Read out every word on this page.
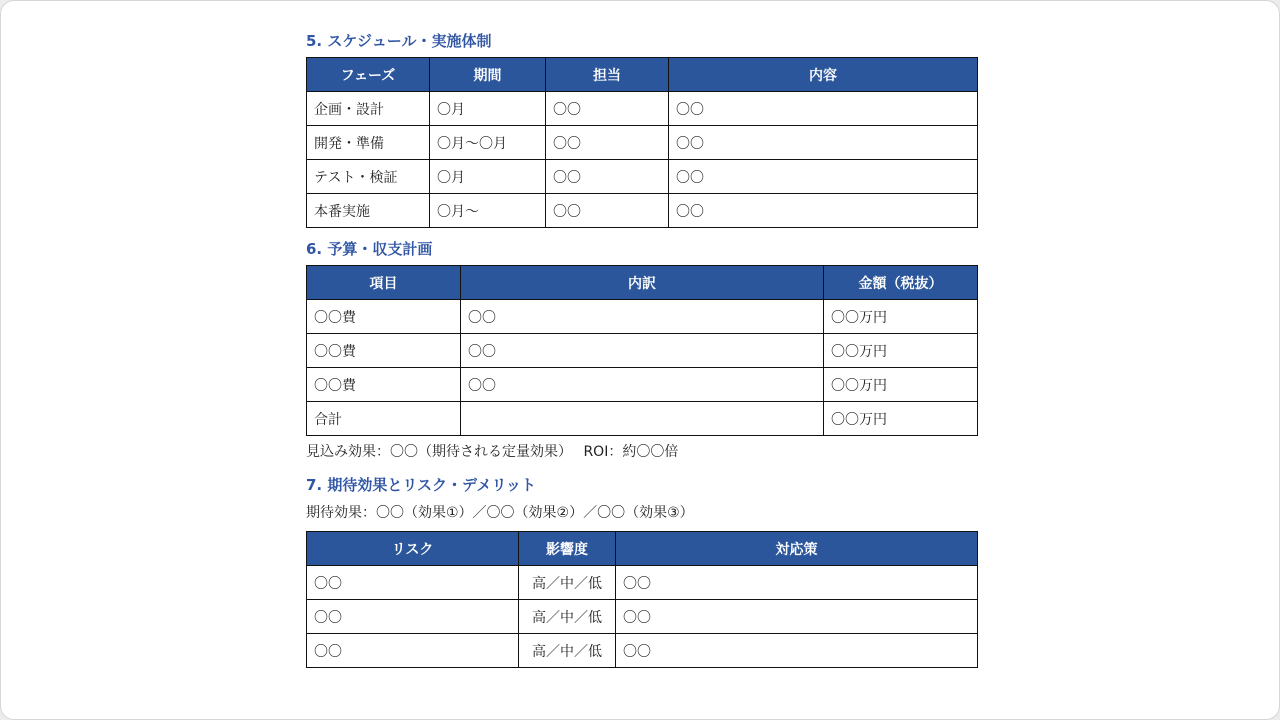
5. スケジュール・実施体制
フェーズ	期間	担当	内容
企画・設計	〇月	〇〇	〇〇
開発・準備	〇月〜〇月	〇〇	〇〇
テスト・検証	〇月	〇〇	〇〇
本番実施	〇月〜	〇〇	〇〇
6. 予算・収支計画
項目	内訳	金額（税抜）
〇〇費	〇〇	〇〇万円
〇〇費	〇〇	〇〇万円
〇〇費	〇〇	〇〇万円
合計		〇〇万円
見込み効果：〇〇（期待される定量効果）　 ROI：約〇〇倍
7. 期待効果とリスク・デメリット
期待効果：〇〇（効果①）／〇〇（効果②）／〇〇（効果③）
リスク	影響度	対応策
〇〇	高／中／低	〇〇
〇〇	高／中／低	〇〇
〇〇	高／中／低	〇〇
